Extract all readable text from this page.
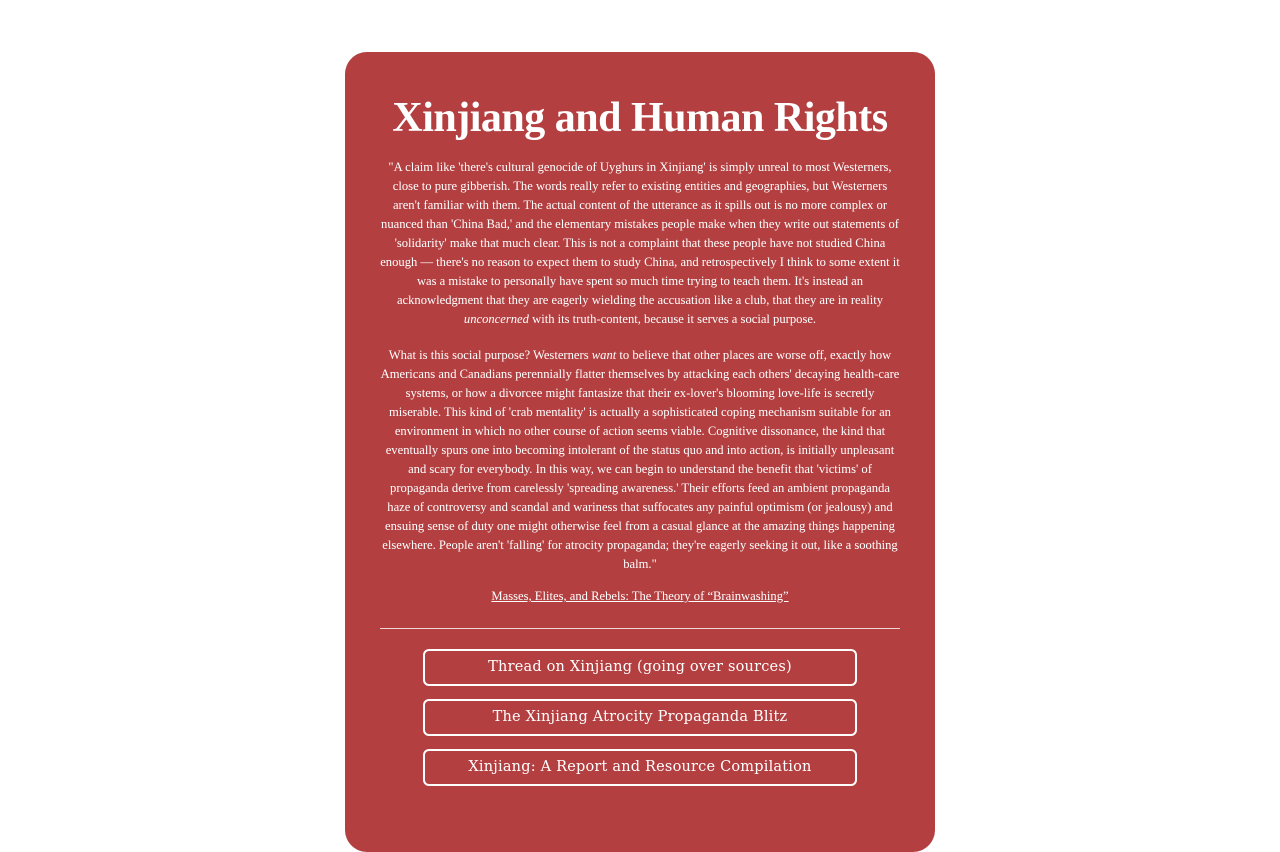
Xinjiang and Human Rights

"A claim like 'there's cultural genocide of Uyghurs in Xinjiang' is simply unreal to most Westerners, close to pure gibberish. The words really refer to existing entities and geographies, but Westerners aren't familiar with them. The actual content of the utterance as it spills out is no more complex or nuanced than 'China Bad,' and the elementary mistakes people make when they write out statements of 'solidarity' make that much clear. This is not a complaint that these people have not studied China enough — there's no reason to expect them to study China, and retrospectively I think to some extent it was a mistake to personally have spent so much time trying to teach them. It's instead an acknowledgment that they are eagerly wielding the accusation like a club, that they are in reality unconcerned with its truth-content, because it serves a social purpose.

What is this social purpose? Westerners want to believe that other places are worse off, exactly how Americans and Canadians perennially flatter themselves by attacking each others' decaying health-care systems, or how a divorcee might fantasize that their ex-lover's blooming love-life is secretly miserable. This kind of 'crab mentality' is actually a sophisticated coping mechanism suitable for an environment in which no other course of action seems viable. Cognitive dissonance, the kind that eventually spurs one into becoming intolerant of the status quo and into action, is initially unpleasant and scary for everybody. In this way, we can begin to understand the benefit that 'victims' of propaganda derive from carelessly 'spreading awareness.' Their efforts feed an ambient propaganda haze of controversy and scandal and wariness that suffocates any painful optimism (or jealousy) and ensuing sense of duty one might otherwise feel from a casual glance at the amazing things happening elsewhere. People aren't 'falling' for atrocity propaganda; they're eagerly seeking it out, like a soothing balm."

Masses, Elites, and Rebels: The Theory of “Brainwashing”
Thread on Xinjiang (going over sources)
The Xinjiang Atrocity Propaganda Blitz
Xinjiang: A Report and Resource Compilation
